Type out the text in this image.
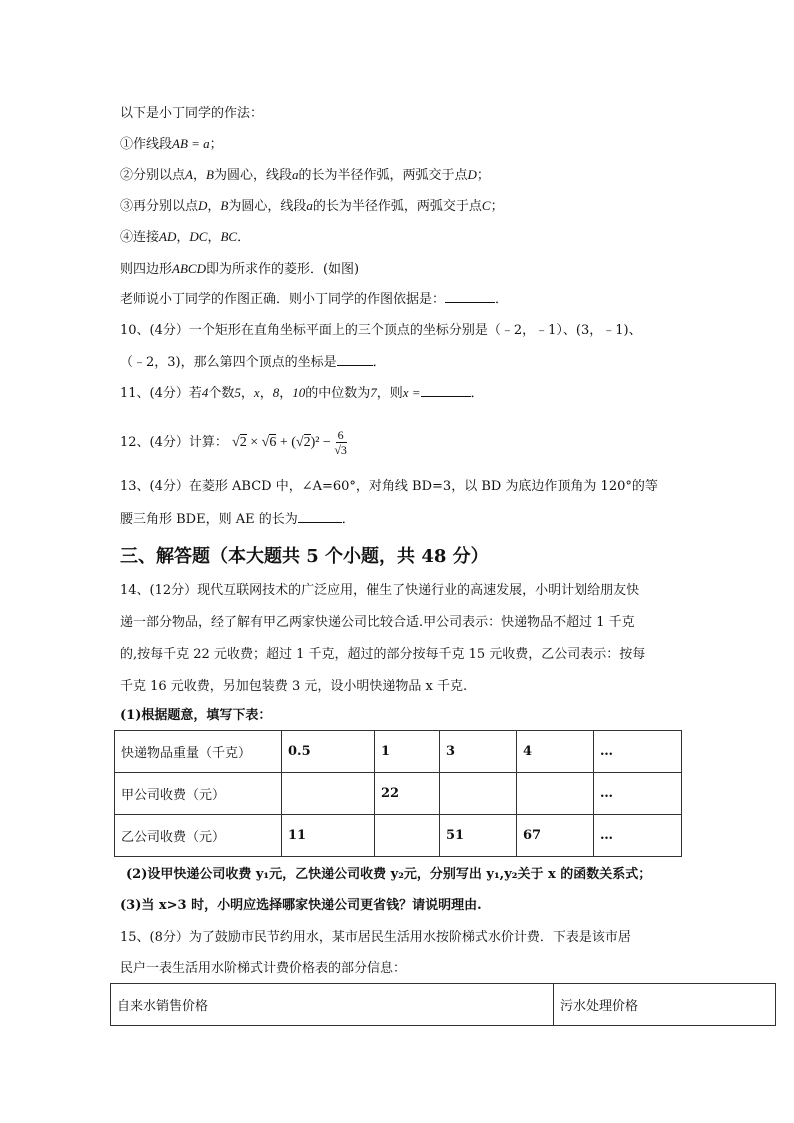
以下是小丁同学的作法：
①作线段AB = a；
②分别以点A，B为圆心，线段a的长为半径作弧，两弧交于点D；
③再分别以点D，B为圆心，线段a的长为半径作弧，两弧交于点C；
④连接AD，DC，BC．
则四边形ABCD即为所求作的菱形．(如图)
老师说小丁同学的作图正确．则小丁同学的作图依据是：	．
10、(4分）一个矩形在直角坐标平面上的三个顶点的坐标分别是（﹣2，﹣1）、(3，﹣1)、
（﹣2，3)，那么第四个顶点的坐标是	．
11、(4分）若4个数5，x，8，10的中位数为7，则x =	．
12、(4分）计算： $√2 \times √6 + (√2)^2 - \frac{6}{√3}$
13、(4分）在菱形 ABCD 中，∠A=60°，对角线 BD=3，以 BD 为底边作顶角为 120°的等
腰三角形 BDE，则 AE 的长为	．
三、解答题（本大题共 5 个小题，共 48 分）
14、(12分）现代互联网技术的广泛应用，催生了快递行业的高速发展，小明计划给朋友快
递一部分物品，经了解有甲乙两家快递公司比较合适.甲公司表示：快递物品不超过 1 千克
的,按每千克 22 元收费；超过 1 千克，超过的部分按每千克 15 元收费，乙公司表示：按每
千克 16 元收费，另加包装费 3 元，设小明快递物品 x 千克.
(1)根据题意，填写下表：
快递物品重量（千克）	0.5	1	3	4	…
甲公司收费（元）		22			…
乙公司收费（元）	11		51	67	…
(2)设甲快递公司收费 y₁元，乙快递公司收费 y₂元，分别写出 y₁,y₂关于 x 的函数关系式；
(3)当 x>3 时，小明应选择哪家快递公司更省钱？请说明理由.
15、(8分）为了鼓励市民节约用水，某市居民生活用水按阶梯式水价计费．下表是该市居
民户一表生活用水阶梯式计费价格表的部分信息：
自来水销售价格	污水处理价格
